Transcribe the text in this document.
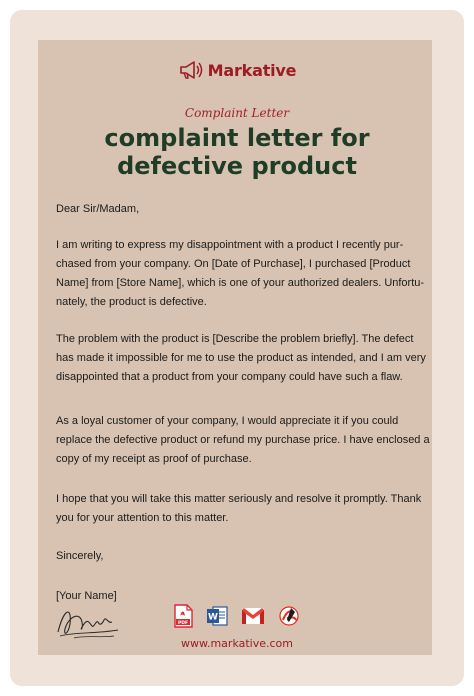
Markative
Complaint Letter
complaint letter for
defective product
Dear Sir/Madam,
I am writing to express my disappointment with a product I recently pur-
chased from your company. On [Date of Purchase], I purchased [Product
Name] from [Store Name], which is one of your authorized dealers. Unfortu-
nately, the product is defective.
The problem with the product is [Describe the problem briefly]. The defect
has made it impossible for me to use the product as intended, and I am very
disappointed that a product from your company could have such a flaw.
As a loyal customer of your company, I would appreciate it if you could
replace the defective product or refund my purchase price. I have enclosed a
copy of my receipt as proof of purchase.
I hope that you will take this matter seriously and resolve it promptly. Thank
you for your attention to this matter.
Sincerely,
[Your Name]
PDF
W
www.markative.com
